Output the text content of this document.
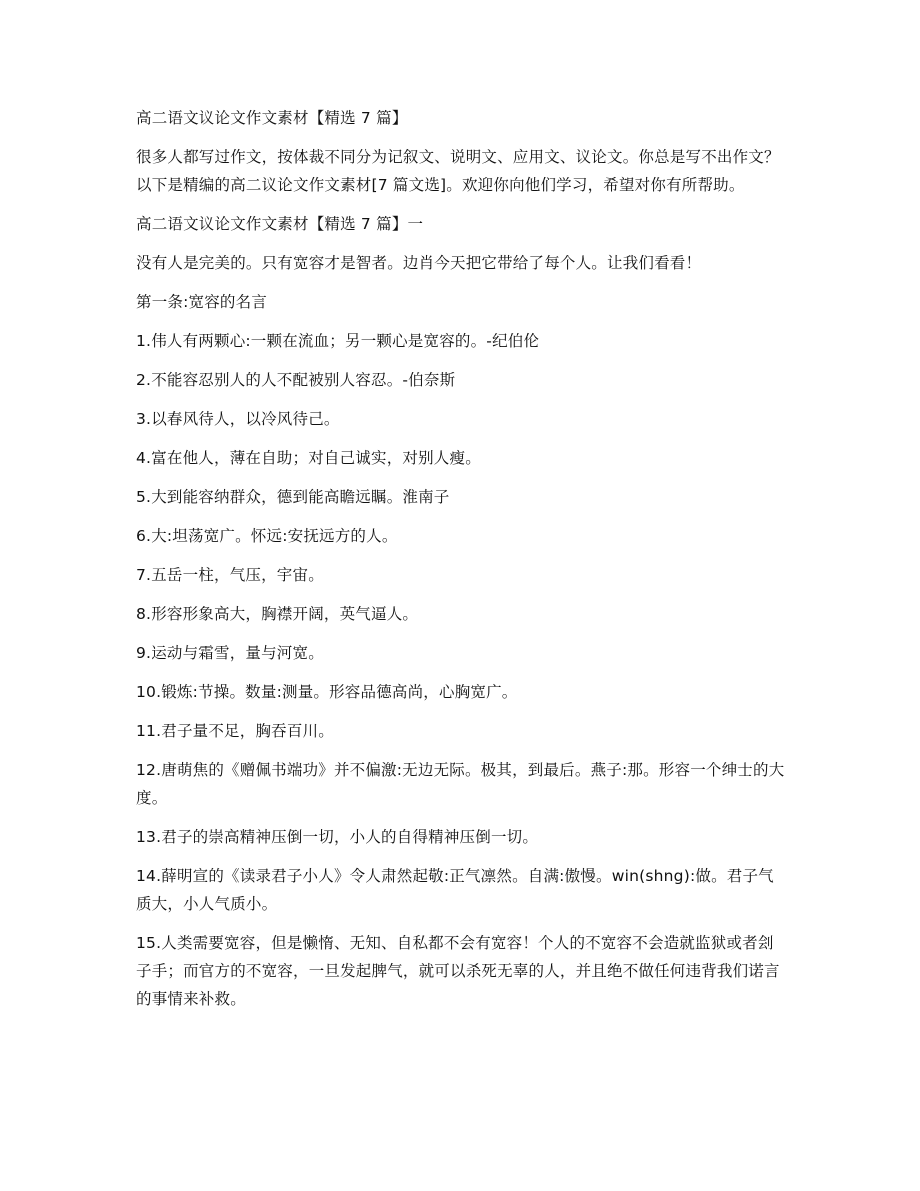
高二语文议论文作文素材【精选 7 篇】

很多人都写过作文，按体裁不同分为记叙文、说明文、应用文、议论文。你总是写不出作文？以下是精编的高二议论文作文素材[7 篇文选]。欢迎你向他们学习，希望对你有所帮助。

高二语文议论文作文素材【精选 7 篇】一

没有人是完美的。只有宽容才是智者。边肖今天把它带给了每个人。让我们看看！

第一条:宽容的名言

1.伟人有两颗心:一颗在流血；另一颗心是宽容的。-纪伯伦

2.不能容忍别人的人不配被别人容忍。-伯奈斯

3.以春风待人，以冷风待己。

4.富在他人，薄在自助；对自己诚实，对别人瘦。

5.大到能容纳群众，德到能高瞻远瞩。淮南子

6.大:坦荡宽广。怀远:安抚远方的人。

7.五岳一柱，气压，宇宙。

8.形容形象高大，胸襟开阔，英气逼人。

9.运动与霜雪，量与河宽。

10.锻炼:节操。数量:测量。形容品德高尚，心胸宽广。

11.君子量不足，胸吞百川。

12.唐萌焦的《赠佩书端功》并不偏激:无边无际。极其，到最后。燕子:那。形容一个绅士的大度。

13.君子的崇高精神压倒一切，小人的自得精神压倒一切。

14.薛明宣的《读录君子小人》令人肃然起敬:正气凛然。自满:傲慢。win(shng):做。君子气质大，小人气质小。

15.人类需要宽容，但是懒惰、无知、自私都不会有宽容！个人的不宽容不会造就监狱或者刽子手；而官方的不宽容，一旦发起脾气，就可以杀死无辜的人，并且绝不做任何违背我们诺言的事情来补救。
